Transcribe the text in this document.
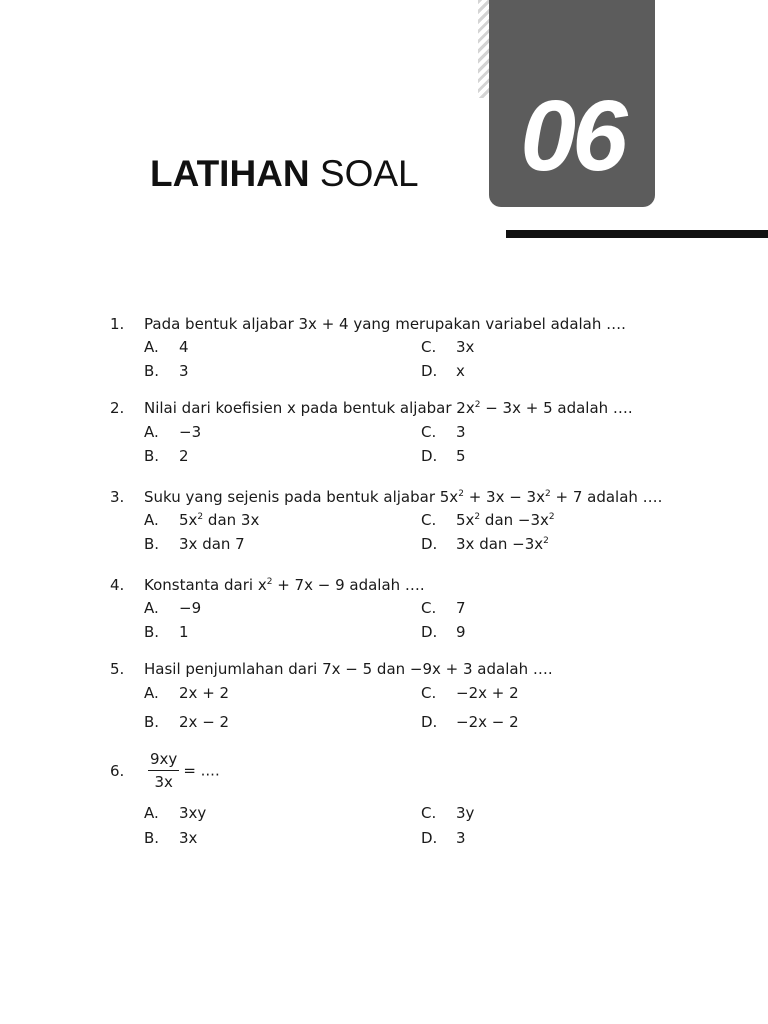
06
LATIHAN SOAL
1. Pada bentuk aljabar 3x + 4 yang merupakan variabel adalah ….
A. 4
B. 3
C. 3x
D. x
2. Nilai dari koefisien x pada bentuk aljabar $2x^2 - 3x + 5$ adalah ….
A. −3
B. 2
C. 3
D. 5
3. Suku yang sejenis pada bentuk aljabar $5x^2 + 3x - 3x^2 + 7$ adalah ….
A. $5x^2$ dan 3x
B. 3x dan 7
C. $5x^2$ dan $-3x^2$
D. 3x dan $-3x^2$
4. Konstanta dari $x^2 + 7x - 9$ adalah ….
A. −9
B. 1
C. 7
D. 9
5. Hasil penjumlahan dari 7x − 5 dan −9x + 3 adalah ….
A. 2x + 2
B. 2x − 2
C. −2x + 2
D. −2x − 2
6. $\frac{9xy}{3x}$ = ....
A. 3xy
B. 3x
C. 3y
D. 3
